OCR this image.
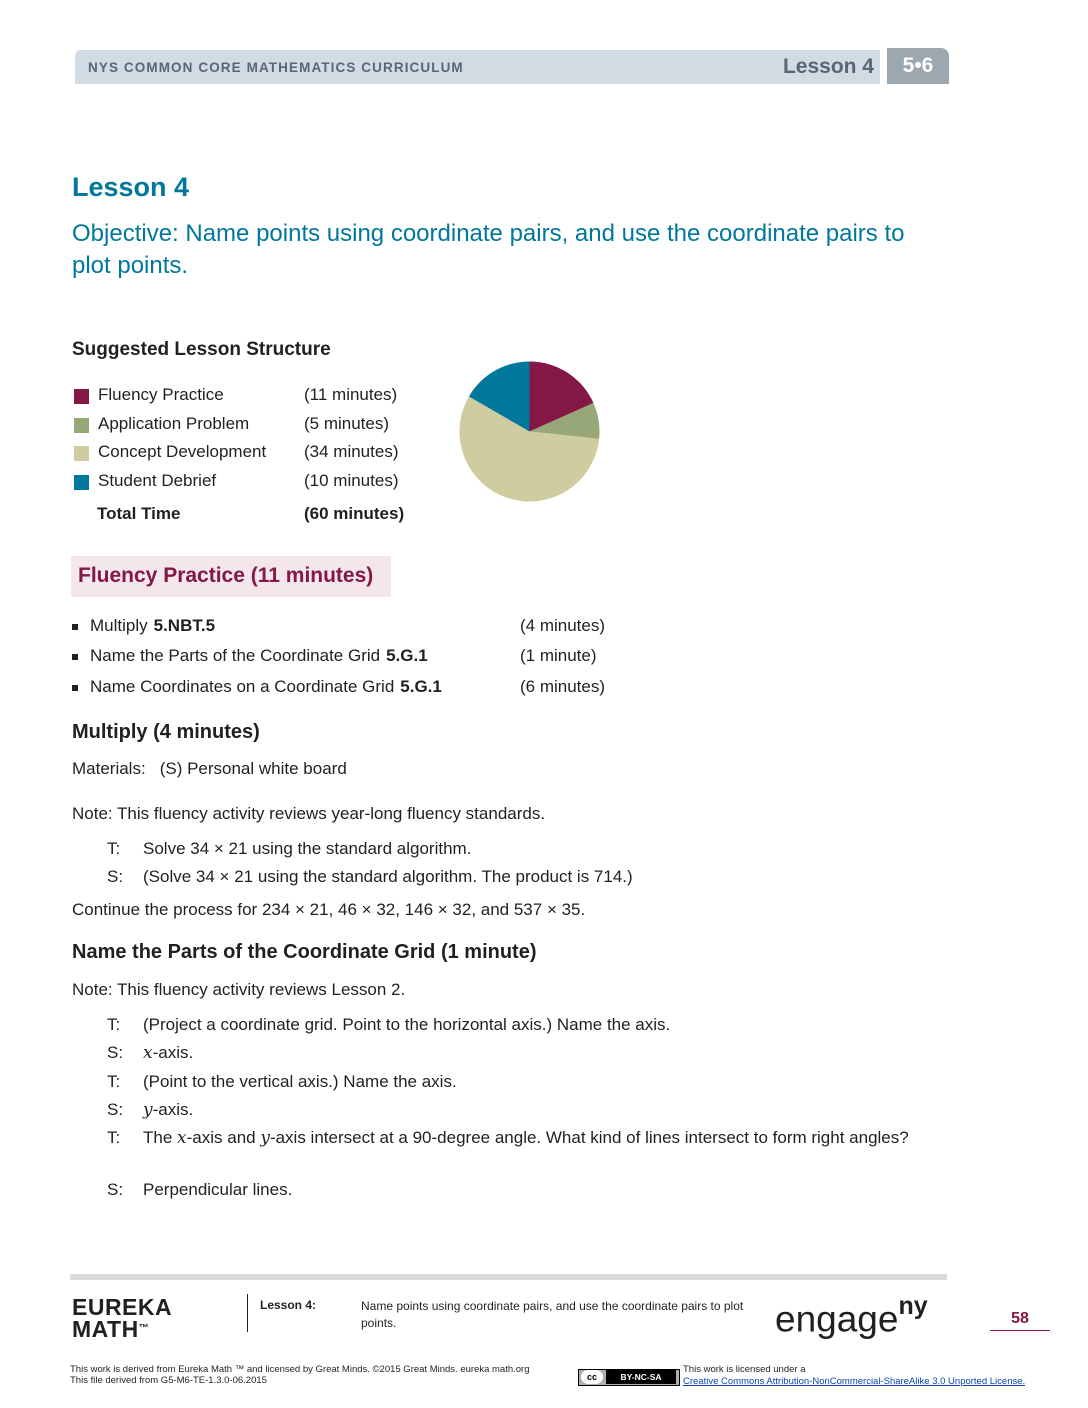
NYS COMMON CORE MATHEMATICS CURRICULUM	Lesson 4	5•6
Lesson 4
Objective: Name points using coordinate pairs, and use the coordinate pairs to plot points.
Suggested Lesson Structure
Fluency Practice	(11 minutes)
Application Problem	(5 minutes)
Concept Development (34 minutes)
Student Debrief	(10 minutes)
Total Time	(60 minutes)
Fluency Practice (11 minutes)
Multiply 5.NBT.5	(4 minutes)
Name the Parts of the Coordinate Grid 5.G.1	(1 minute)
Name Coordinates on a Coordinate Grid 5.G.1	(6 minutes)
Multiply (4 minutes)
Materials: (S) Personal white board
Note: This fluency activity reviews year-long fluency standards.
T: Solve 34 × 21 using the standard algorithm.
S: (Solve 34 × 21 using the standard algorithm. The product is 714.)
Continue the process for 234 × 21, 46 × 32, 146 × 32, and 537 × 35.
Name the Parts of the Coordinate Grid (1 minute)
Note: This fluency activity reviews Lesson 2.
T: (Project a coordinate grid. Point to the horizontal axis.) Name the axis.
S: x-axis.
T: (Point to the vertical axis.) Name the axis.
S: y-axis.
T: The x-axis and y-axis intersect at a 90-degree angle. What kind of lines intersect to form right angles?
S: Perpendicular lines.
EUREKA
MATH™
Lesson 4:	Name points using coordinate pairs, and use the coordinate pairs to plot points.	engage$^{ny}$	58
This work is derived from Eureka Math ™ and licensed by Great Minds. ©2015 Great Minds. eureka math.org
This file derived from G5-M6-TE-1.3.0-06.2015	cc	BY-NC-SA
This work is licensed under a
Creative Commons Attribution-NonCommercial-ShareAlike 3.0 Unported License.
